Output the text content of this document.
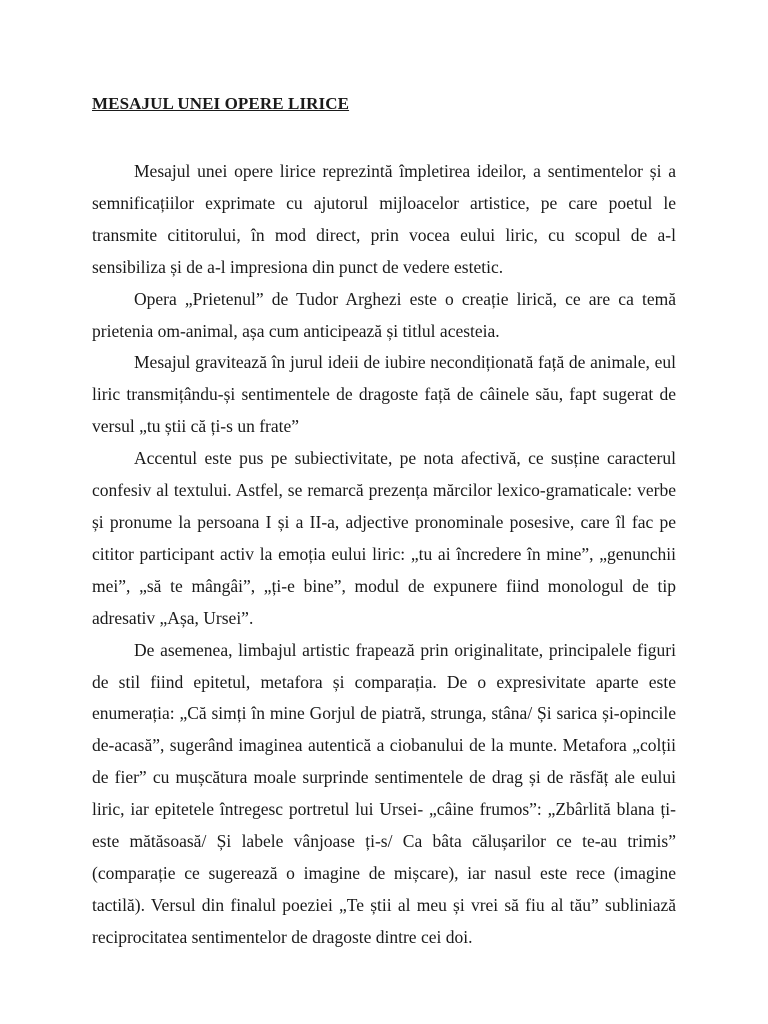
MESAJUL UNEI OPERE LIRICE

Mesajul unei opere lirice reprezintă împletirea ideilor, a sentimentelor și a semnificațiilor exprimate cu ajutorul mijloacelor artistice, pe care poetul le transmite cititorului, în mod direct, prin vocea eului liric, cu scopul de a-l sensibiliza și de a-l impresiona din punct de vedere estetic.

Opera „Prietenul” de Tudor Arghezi este o creație lirică, ce are ca temă prietenia om-animal, așa cum anticipează și titlul acesteia.

Mesajul gravitează în jurul ideii de iubire necondiționată față de animale, eul liric transmițându-și sentimentele de dragoste față de câinele său, fapt sugerat de versul „tu știi că ți-s un frate”

Accentul este pus pe subiectivitate, pe nota afectivă, ce susține caracterul confesiv al textului. Astfel, se remarcă prezența mărcilor lexico-gramaticale: verbe și pronume la persoana I și a II-a, adjective pronominale posesive, care îl fac pe cititor participant activ la emoția eului liric: „tu ai încredere în mine”, „genunchii mei”, „să te mângâi”, „ți-e bine”, modul de expunere fiind monologul de tip adresativ „Așa, Ursei”.

De asemenea, limbajul artistic frapează prin originalitate, principalele figuri de stil fiind epitetul, metafora și comparația. De o expresivitate aparte este enumerația: „Că simți în mine Gorjul de piatră, strunga, stâna/ Și sarica și-opincile de-acasă”, sugerând imaginea autentică a ciobanului de la munte. Metafora „colții de fier” cu mușcătura moale surprinde sentimentele de drag și de răsfăț ale eului liric, iar epitetele întregesc portretul lui Ursei- „câine frumos”: „Zbârlită blana ți-este mătăsoasă/ Și labele vânjoase ți-s/ Ca bâta călușarilor ce te-au trimis” (comparație ce sugerează o imagine de mișcare), iar nasul este rece (imagine tactilă). Versul din finalul poeziei „Te știi al meu și vrei să fiu al tău” subliniază reciprocitatea sentimentelor de dragoste dintre cei doi.
